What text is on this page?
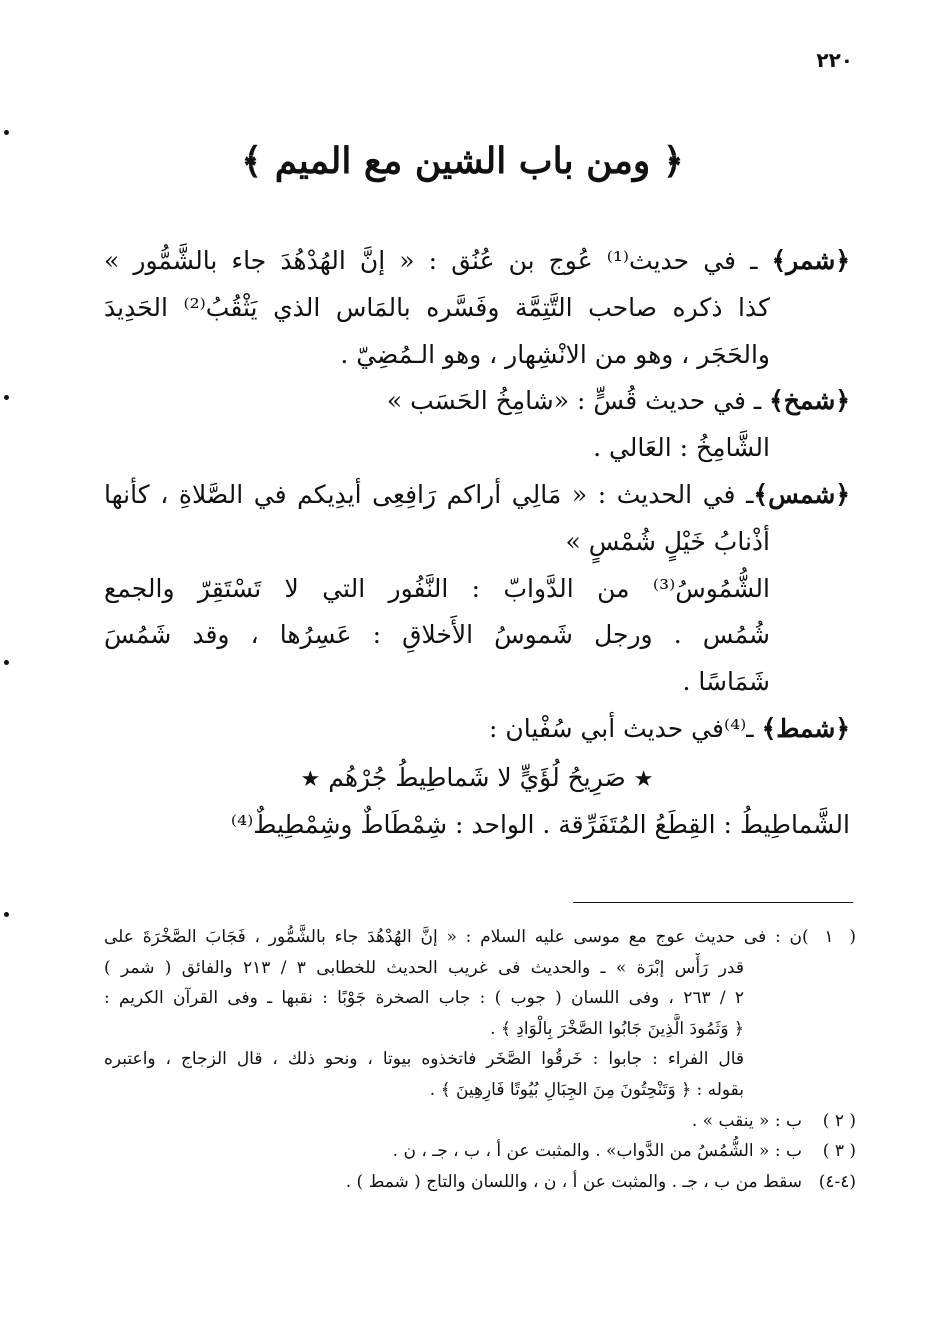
٢٢٠
﴿ ومن باب الشين مع الميم ﴾
﴿شمر﴾ ـ في حديث⁽¹⁾ عُوج بن عُنُق : « إنَّ الهُدْهُدَ جاء بالشَّمُّور »
كذا ذكره صاحب التَّتِمَّة وفَسَّره بالمَاس الذي يَثْقُبُ⁽²⁾ الحَدِيدَ
والحَجَر ، وهو من الانْشِهار ، وهو الـمُضِيّ .
﴿شمخ﴾ ـ في حديث قُسٍّ : «شامِخُ الحَسَب »
الشَّامِخُ : العَالي .
﴿شمس﴾ـ في الحديث : « مَالِي أراكم رَافِعِى أيدِيكم في الصَّلاةِ ، كأنها
أذْنابُ خَيْلٍ شُمْسٍ »
الشُّمُوسُ⁽³⁾ من الدَّوابّ : النَّفُور التي لا تَسْتَقِرّ والجمع
شُمُس . ورجل شَموسُ الأَخلاقِ : عَسِرُها ، وقد شَمُسَ
شَمَاسًا .
﴿شمط﴾ ـ⁽⁴⁾في حديث أبي سُفْيان :
★ صَرِيحُ لُؤَيٍّ لا شَماطِيطُ جُرْهُم ★
الشَّماطِيطُ : القِطَعُ المُتَفَرِّقة . الواحد : شِمْطَاطٌ وشِمْطِيطٌ⁽⁴⁾
( ١ )ن : فى حديث عوج مع موسى عليه السلام : « إنَّ الهُدْهُدَ جاء بالشَّمُّور ، فَجَابَ الصَّخْرَةَ على
قدر رَأْس إبْرَة » ـ والحديث فى غريب الحديث للخطابى ٣ / ٢١٣ والفائق ( شمر )
٢ / ٢٦٣ ، وفى اللسان ( جوب ) : جاب الصخرة جَوْبًا : نقبها ـ وفى القرآن الكريم :
﴿ وَثَمُودَ الَّذِينَ جَابُوا الصَّخْرَ بِالْوَادِ ﴾ .
قال الفراء : جابوا : خَرقُوا الصَّخَر فاتخذوه بيوتا ، ونحو ذلك ، قال الزجاج ، واعتبره
بقوله : ﴿ وَتَنْحِتُونَ مِنَ الجِبَالِ بُيُوتًا فَارِهِينَ ﴾ .
( ٢ )ب : « ينقب » .
( ٣ )ب : « الشُّمُسُ من الدَّواب» . والمثبت عن أ ، ب ، جـ ، ن .
(٤-٤)سقط من ب ، جـ . والمثبت عن أ ، ن ، واللسان والتاج ( شمط ) .
